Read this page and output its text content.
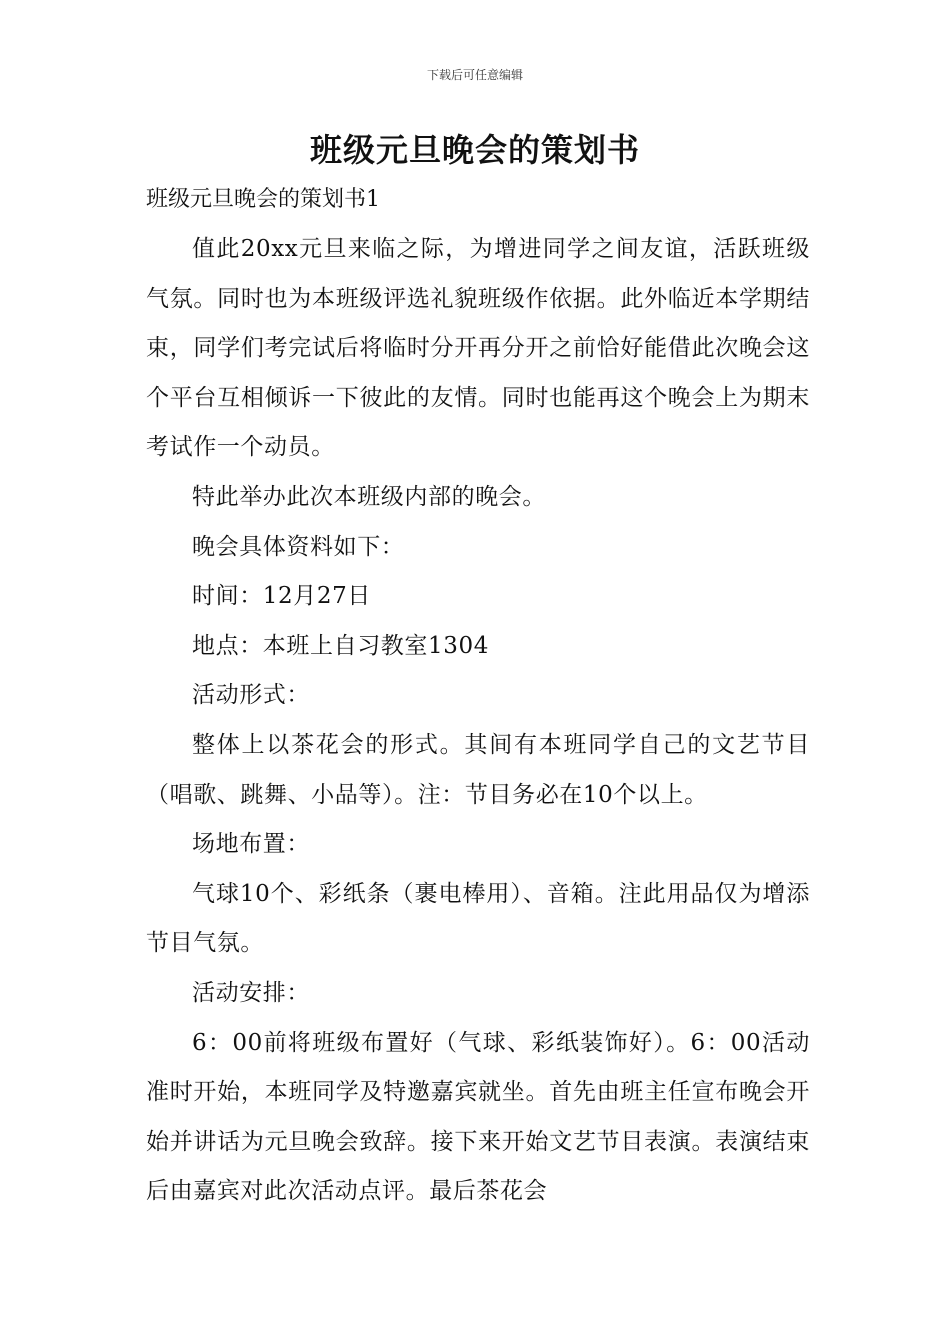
下载后可任意编辑
班级元旦晚会的策划书
班级元旦晚会的策划书1

值此20xx元旦来临之际，为增进同学之间友谊，活跃班级气氛。同时也为本班级评选礼貌班级作依据。此外临近本学期结束，同学们考完试后将临时分开再分开之前恰好能借此次晚会这个平台互相倾诉一下彼此的友情。同时也能再这个晚会上为期末考试作一个动员。

特此举办此次本班级内部的晚会。

晚会具体资料如下：

时间：12月27日

地点：本班上自习教室1304

活动形式：

整体上以茶花会的形式。其间有本班同学自己的文艺节目（唱歌、跳舞、小品等）。注：节目务必在10个以上。

场地布置：

气球10个、彩纸条（裹电棒用）、音箱。注此用品仅为增添节目气氛。

活动安排：

6：00前将班级布置好（气球、彩纸装饰好）。6：00活动准时开始，本班同学及特邀嘉宾就坐。首先由班主任宣布晚会开始并讲话为元旦晚会致辞。接下来开始文艺节目表演。表演结束后由嘉宾对此次活动点评。最后茶花会
